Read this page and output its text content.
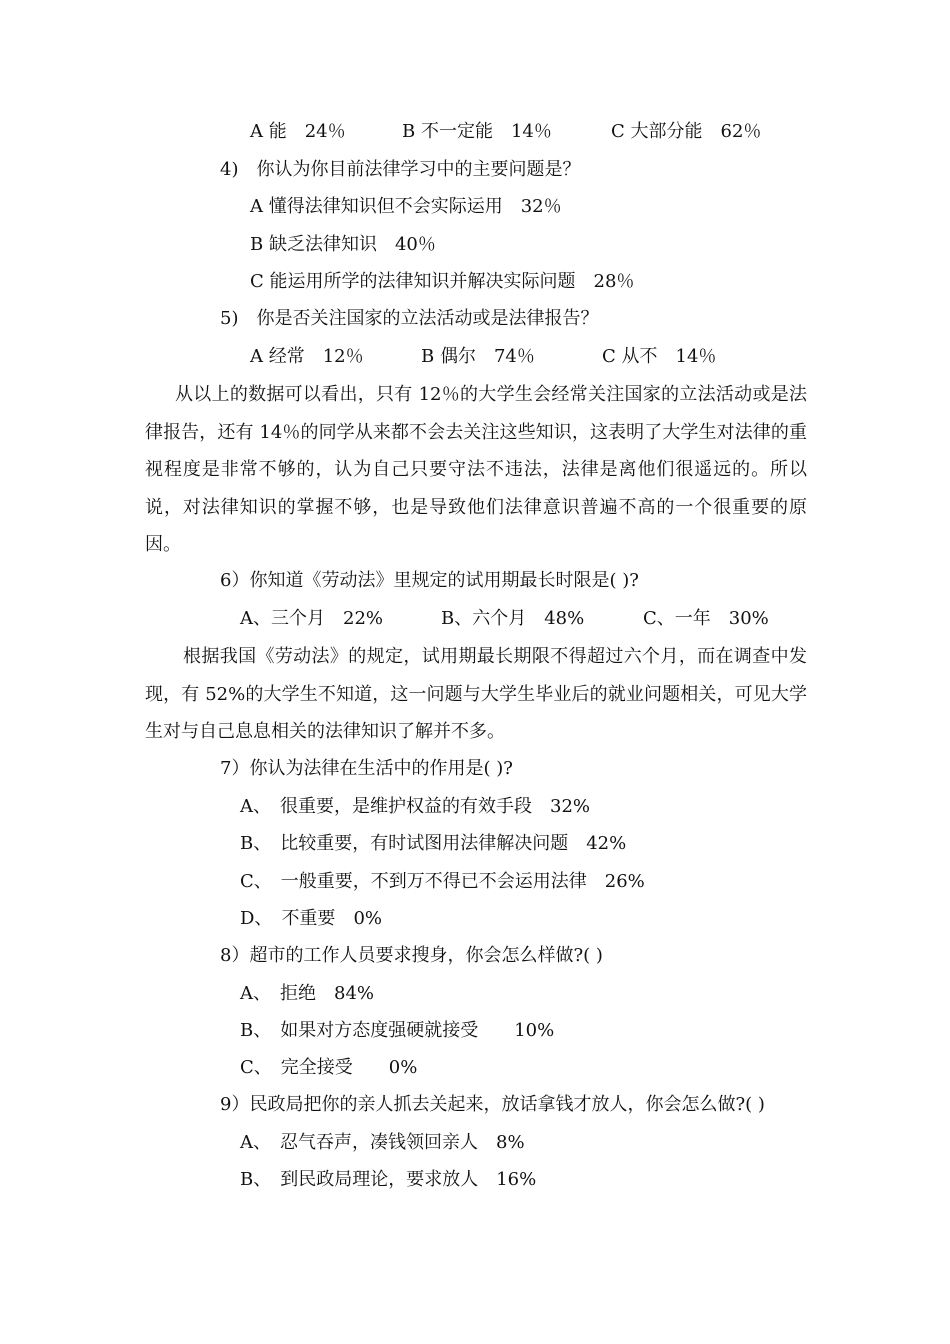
A 能　 24％	B 不一定能　 14％	C 大部分能　 62％
4)　 你认为你目前法律学习中的主要问题是？
A 懂得法律知识但不会实际运用　32％
B 缺乏法律知识　40％
C 能运用所学的法律知识并解决实际问题　28％
5)　 你是否关注国家的立法活动或是法律报告？
A 经常　 12％	B 偶尔　 74％	C 从不　 14％
从以上的数据可以看出，只有 12％的大学生会经常关注国家的立法活动或是法律报告，还有 14％的同学从来都不会去关注这些知识，这表明了大学生对法律的重视程度是非常不够的，认为自己只要守法不违法，法律是离他们很遥远的。所以说，对法律知识的掌握不够，也是导致他们法律意识普遍不高的一个很重要的原因。
6）你知道《劳动法》里规定的试用期最长时限是( )?
A、三个月　 22%	B、六个月　 48%	C、一年　 30%
根据我国《劳动法》的规定，试用期最长期限不得超过六个月，而在调查中发现，有 52%的大学生不知道，这一问题与大学生毕业后的就业问题相关，可见大学生对与自己息息相关的法律知识了解并不多。
7）你认为法律在生活中的作用是( )?
A、　 很重要，是维护权益的有效手段　 32%
B、　 比较重要，有时试图用法律解决问题　 42%
C、　 一般重要，不到万不得已不会运用法律　 26%
D、　 不重要　 0%
8）超市的工作人员要求搜身，你会怎么样做?( )
A、　 拒绝　 84%
B、　 如果对方态度强硬就接受　　 10%
C、　 完全接受　　 0%
9）民政局把你的亲人抓去关起来，放话拿钱才放人，你会怎么做?( )
A、　 忍气吞声，凑钱领回亲人　 8%
B、　 到民政局理论，要求放人　 16%
